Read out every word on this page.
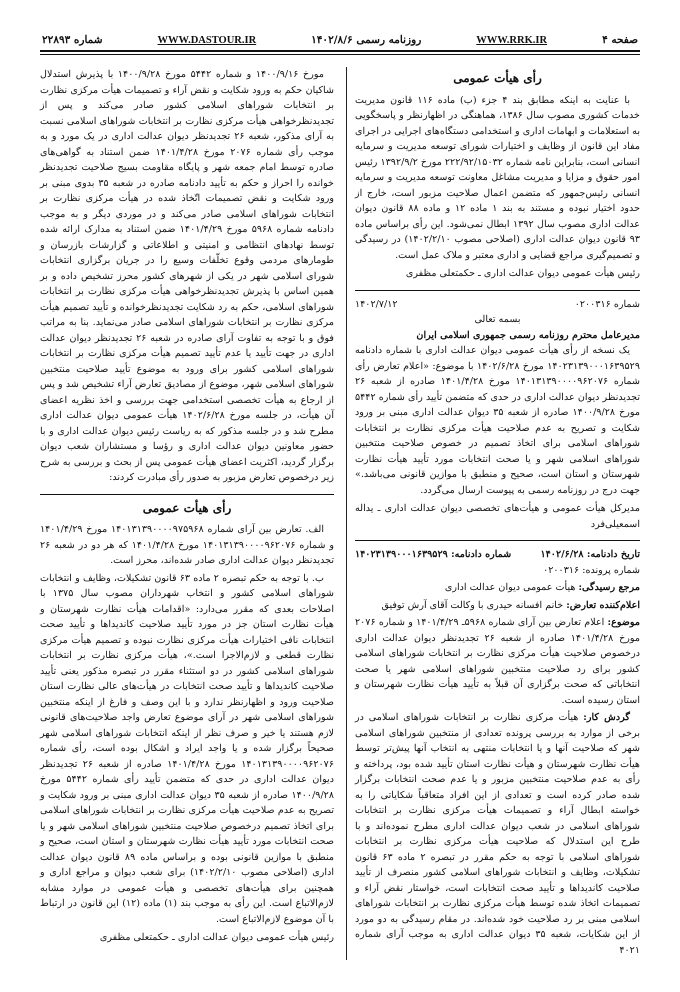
صفحه ۴
WWW.RRK.IR
روزنامه رسمی ۱۴۰۲/۸/۶
WWW.DASTOUR.IR
شماره ۲۲۸۹۳
رأی هیأت عمومی

با عنایت به اینکه مطابق بند ۴ جزء (ب) ماده ۱۱۶ قانون مدیریت خدمات کشوری مصوب سال ۱۳۸۶، هماهنگی در اظهارنظر و پاسخگویی به استعلامات و ابهامات اداری و استخدامی دستگاه‌های اجرایی در اجرای مفاد این قانون از وظایف و اختیارات شورای توسعه مدیریت و سرمایه انسانی است، بنابراین نامه شماره ۲۲۲/۹۲/۱۵۰۳۲ مورخ ۱۳۹۲/۹/۲ رئیس امور حقوق و مزایا و مدیریت مشاغل معاونت توسعه مدیریت و سرمایه انسانی رئیس‌جمهور که متضمن اعمال صلاحیت مزبور است، خارج از حدود اختیار نبوده و مستند به بند ۱ ماده ۱۲ و ماده ۸۸ قانون دیوان عدالت اداری مصوب سال ۱۳۹۲ ابطال نمی‌شود. این رأی براساس ماده ۹۳ قانون دیوان عدالت اداری (اصلاحی مصوب ۱۴۰۲/۲/۱۰) در رسیدگی و تصمیم‌گیری مراجع قضایی و اداری معتبر و ملاک عمل است.

رئیس هیأت عمومی دیوان عدالت اداری ـ حکمتعلی مظفری

شماره ۰۲۰۰۳۱۶
۱۴۰۲/۷/۱۲
بسمه تعالی
مدیرعامل محترم روزنامه رسمی جمهوری اسلامی ایران

یک نسخه از رأی هیأت عمومی دیوان عدالت اداری با شماره دادنامه ۱۴۰۲۳۱۳۹۰۰۰۱۶۳۹۵۲۹ مورخ ۱۴۰۲/۶/۲۸ با موضوع: «اعلام تعارض رأی شماره ۱۴۰۱۳۱۳۹۰۰۰۰۹۶۲۰۷۶ مورخ ۱۴۰۱/۴/۲۸ صادره از شعبه ۲۶ تجدیدنظر دیوان عدالت اداری در حدی که متضمن تأیید رأی شماره ۵۴۴۲ مورخ ۱۴۰۰/۹/۲۸ صادره از شعبه ۳۵ دیوان عدالت اداری مبنی بر ورود شکایت و تصریح به عدم صلاحیت هیأت مرکزی نظارت بر انتخابات شوراهای اسلامی برای اتخاذ تصمیم در خصوص صلاحیت منتخبین شوراهای اسلامی شهر و یا صحت انتخابات مورد تأیید هیأت نظارت شهرستان و استان است، صحیح و منطبق با موازین قانونی می‌باشد.» جهت درج در روزنامه رسمی به پیوست ارسال می‌گردد.

مدیرکل هیأت عمومی و هیأت‌های تخصصی دیوان عدالت اداری ـ یداله اسمعیلی‌فرد

تاریخ دادنامه: ۱۴۰۲/۶/۲۸
شماره دادنامه: ۱۴۰۲۳۱۳۹۰۰۰۱۶۳۹۵۲۹

شماره پرونده: ۰۲۰۰۳۱۶

مرجع رسیدگی: هیأت عمومی دیوان عدالت اداری

اعلام‌کننده تعارض: خانم افسانه حیدری با وکالت آقای آرش توفیق

موضوع: اعلام تعارض بین آرای شماره ۵۹۶۸ـ ۱۴۰۱/۴/۲۹ و شماره ۲۰۷۶ مورخ ۱۴۰۱/۴/۲۸ صادره از شعبه ۲۶ تجدیدنظر دیوان عدالت اداری درخصوص صلاحیت هیأت مرکزی نظارت بر انتخابات شوراهای اسلامی کشور برای رد صلاحیت منتخبین شوراهای اسلامی شهر یا صحت انتخاباتی که صحت برگزاری آن قبلاً به تأیید هیأت نظارت شهرستان و استان رسیده است.

گردش کار: هیأت مرکزی نظارت بر انتخابات شوراهای اسلامی در برخی از موارد به بررسی پرونده تعدادی از منتخبین شوراهای اسلامی شهر که صلاحیت آنها و یا انتخابات منتهی به انتخاب آنها پیش‌تر توسط هیأت نظارت شهرستان و هیأت نظارت استان تأیید شده بود، پرداخته و رأی به عدم صلاحیت منتخبین مزبور و یا عدم صحت انتخابات برگزار شده صادر کرده است و تعدادی از این افراد متعاقباً شکایاتی را به خواسته ابطال آراء و تصمیمات هیأت مرکزی نظارت بر انتخابات شوراهای اسلامی در شعب دیوان عدالت اداری مطرح نموده‌اند و با طرح این استدلال که صلاحیت هیأت مرکزی نظارت بر انتخابات شوراهای اسلامی با توجه به حکم مقرر در تبصره ۲ ماده ۶۳ قانون تشکیلات، وظایف و انتخابات شوراهای اسلامی کشور منصرف از تأیید صلاحیت کاندیداها و تأیید صحت انتخابات است، خواستار نقض آراء و تصمیمات اتخاذ شده توسط هیأت مرکزی نظارت بر انتخابات شوراهای اسلامی مبنی بر رد صلاحیت خود شده‌اند. در مقام رسیدگی به دو مورد از این شکایات، شعبه ۳۵ دیوان عدالت اداری به موجب آرای شماره ۴۰۲۱

مورخ ۱۴۰۰/۹/۱۶ و شماره ۵۴۴۲ مورخ ۱۴۰۰/۹/۲۸ با پذیرش استدلال شاکیان حکم به ورود شکایت و نقض آراء و تصمیمات هیأت مرکزی نظارت بر انتخابات شوراهای اسلامی کشور صادر می‌کند و پس از تجدیدنظرخواهی هیأت مرکزی نظارت بر انتخابات شوراهای اسلامی نسبت به آرای مذکور، شعبه ۲۶ تجدیدنظر دیوان عدالت اداری در یک مورد و به موجب رأی شماره ۲۰۷۶ مورخ ۱۴۰۱/۴/۲۸ ضمن استناد به گواهی‌های صادره توسط امام جمعه شهر و پایگاه مقاومت بسیج صلاحیت تجدیدنظر خوانده را احراز و حکم به تأیید دادنامه صادره در شعبه ۳۵ بدوی مبنی بر ورود شکایت و نقض تصمیمات اتّخاذ شده در هیأت مرکزی نظارت بر انتخابات شوراهای اسلامی صادر می‌کند و در موردی دیگر و به موجب دادنامه شماره ۵۹۶۸ مورخ ۱۴۰۱/۴/۲۹ ضمن استناد به مدارک ارائه شده توسط نهادهای انتظامی و امنیتی و اطلاعاتی و گزارشات بازرسان و طومارهای مردمی وقوع تخلّفات وسیع را در جریان برگزاری انتخابات شورای اسلامی شهر در یکی از شهرهای کشور محرز تشخیص داده و بر همین اساس با پذیرش تجدیدنظرخواهی هیأت مرکزی نظارت بر انتخابات شوراهای اسلامی، حکم به رد شکایت تجدیدنظرخوانده و تأیید تصمیم هیأت مرکزی نظارت بر انتخابات شوراهای اسلامی صادر می‌نماید. بنا به مراتب فوق و با توجه به تفاوت آرای صادره در شعبه ۲۶ تجدیدنظر دیوان عدالت اداری در جهت تأیید یا عدم تأیید تصمیم هیأت مرکزی نظارت بر انتخابات شوراهای اسلامی کشور برای ورود به موضوع تأیید صلاحیت منتخبین شوراهای اسلامی شهر، موضوع از مصادیق تعارض آراء تشخیص شد و پس از ارجاع به هیأت تخصصی استخدامی جهت بررسی و اخذ نظریه اعضای آن هیأت، در جلسه مورخ ۱۴۰۲/۶/۲۸ هیأت عمومی دیوان عدالت اداری مطرح شد و در جلسه مذکور که به ریاست رئیس دیوان عدالت اداری و با حضور معاونین دیوان عدالت اداری و رؤسا و مستشاران شعب دیوان برگزار گردید، اکثریت اعضای هیأت عمومی پس از بحث و بررسی به شرح زیر درخصوص تعارض مزبور به صدور رأی مبادرت کردند:

رأی هیأت عمومی

الف. تعارض بین آرای شماره ۱۴۰۱۳۱۳۹۰۰۰۰۹۷۵۹۶۸ مورخ ۱۴۰۱/۴/۲۹ و شماره ۱۴۰۱۳۱۳۹۰۰۰۰۹۶۲۰۷۶ مورخ ۱۴۰۱/۴/۲۸ که هر دو در شعبه ۲۶ تجدیدنظر دیوان عدالت اداری صادر شده‌اند، محرز است.

ب. با توجه به حکم تبصره ۲ ماده ۶۳ قانون تشکیلات، وظایف و انتخابات شوراهای اسلامی کشور و انتخاب شهرداران مصوب سال ۱۳۷۵ با اصلاحات بعدی که مقرر می‌دارد: «اقدامات هیأت نظارت شهرستان و هیأت نظارت استان جز در مورد تأیید صلاحیت کاندیداها و تأیید صحت انتخابات نافی اختیارات هیأت مرکزی نظارت نبوده و تصمیم هیأت مرکزی نظارت قطعی و لازم‌الاجرا است.»، هیأت مرکزی نظارت بر انتخابات شوراهای اسلامی کشور در دو استثناء مقرر در تبصره مذکور یعنی تأیید صلاحیت کاندیداها و تأیید صحت انتخابات در هیأت‌های عالی نظارت استان صلاحیت ورود و اظهارنظر ندارد و با این وصف و فارغ از اینکه منتخبین شوراهای اسلامی شهر در آرای موضوع تعارض واجد صلاحیت‌های قانونی لازم هستند یا خیر و صرف نظر از اینکه انتخابات شوراهای اسلامی شهر صحیحاً برگزار شده و یا واجد ایراد و اشکال بوده است، رأی شماره ۱۴۰۱۳۱۳۹۰۰۰۰۹۶۲۰۷۶ مورخ ۱۴۰۱/۴/۲۸ صادره از شعبه ۲۶ تجدیدنظر دیوان عدالت اداری در حدی که متضمن تأیید رأی شماره ۵۴۴۲ مورخ ۱۴۰۰/۹/۲۸ صادره از شعبه ۳۵ دیوان عدالت اداری مبنی بر ورود شکایت و تصریح به عدم صلاحیت هیأت مرکزی نظارت بر انتخابات شوراهای اسلامی برای اتخاذ تصمیم درخصوص صلاحیت منتخبین شوراهای اسلامی شهر و یا صحت انتخابات مورد تأیید هیأت نظارت شهرستان و استان است، صحیح و منطبق با موازین قانونی بوده و براساس ماده ۸۹ قانون دیوان عدالت اداری (اصلاحی مصوب ۱۴۰۲/۲/۱۰) برای شعب دیوان و مراجع اداری و همچنین برای هیأت‌های تخصصی و هیأت عمومی در موارد مشابه لازم‌الاتباع است. این رأی به موجب بند (۱) ماده (۱۲) این قانون در ارتباط با آن موضوع لازم‌الاتباع است.

رئیس هیأت عمومی دیوان عدالت اداری ـ حکمتعلی مظفری
